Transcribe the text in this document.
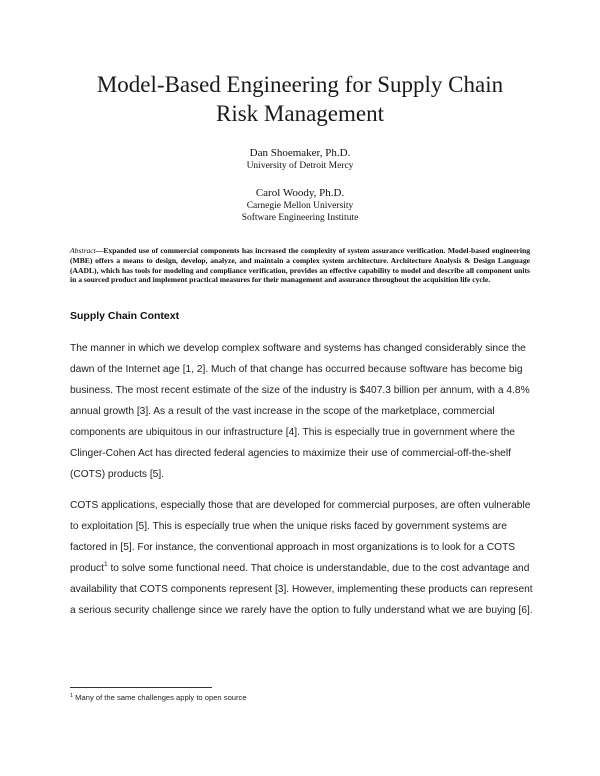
Model-Based Engineering for Supply Chain
Risk Management
Dan Shoemaker, Ph.D.
University of Detroit Mercy
Carol Woody, Ph.D.
Carnegie Mellon University
Software Engineering Institute
Abstract—Expanded use of commercial components has increased the complexity of system assurance verification. Model-based engineering (MBE) offers a means to design, develop, analyze, and maintain a complex system architecture. Architecture Analysis & Design Language (AADL), which has tools for modeling and compliance verification, provides an effective capability to model and describe all component units in a sourced product and implement practical measures for their management and assurance throughout the acquisition life cycle.
Supply Chain Context
The manner in which we develop complex software and systems has changed considerably since the dawn of the Internet age [1, 2]. Much of that change has occurred because software has become big business. The most recent estimate of the size of the industry is $407.3 billion per annum, with a 4.8% annual growth [3]. As a result of the vast increase in the scope of the marketplace, commercial components are ubiquitous in our infrastructure [4]. This is especially true in government where the Clinger-Cohen Act has directed federal agencies to maximize their use of commercial-off-the-shelf (COTS) products [5].
COTS applications, especially those that are developed for commercial purposes, are often vulnerable to exploitation [5]. This is especially true when the unique risks faced by government systems are factored in [5]. For instance, the conventional approach in most organizations is to look for a COTS product$^1$ to solve some functional need. That choice is understandable, due to the cost advantage and availability that COTS components represent [3]. However, implementing these products can represent a serious security challenge since we rarely have the option to fully understand what we are buying [6].
$^1$ Many of the same challenges apply to open source
